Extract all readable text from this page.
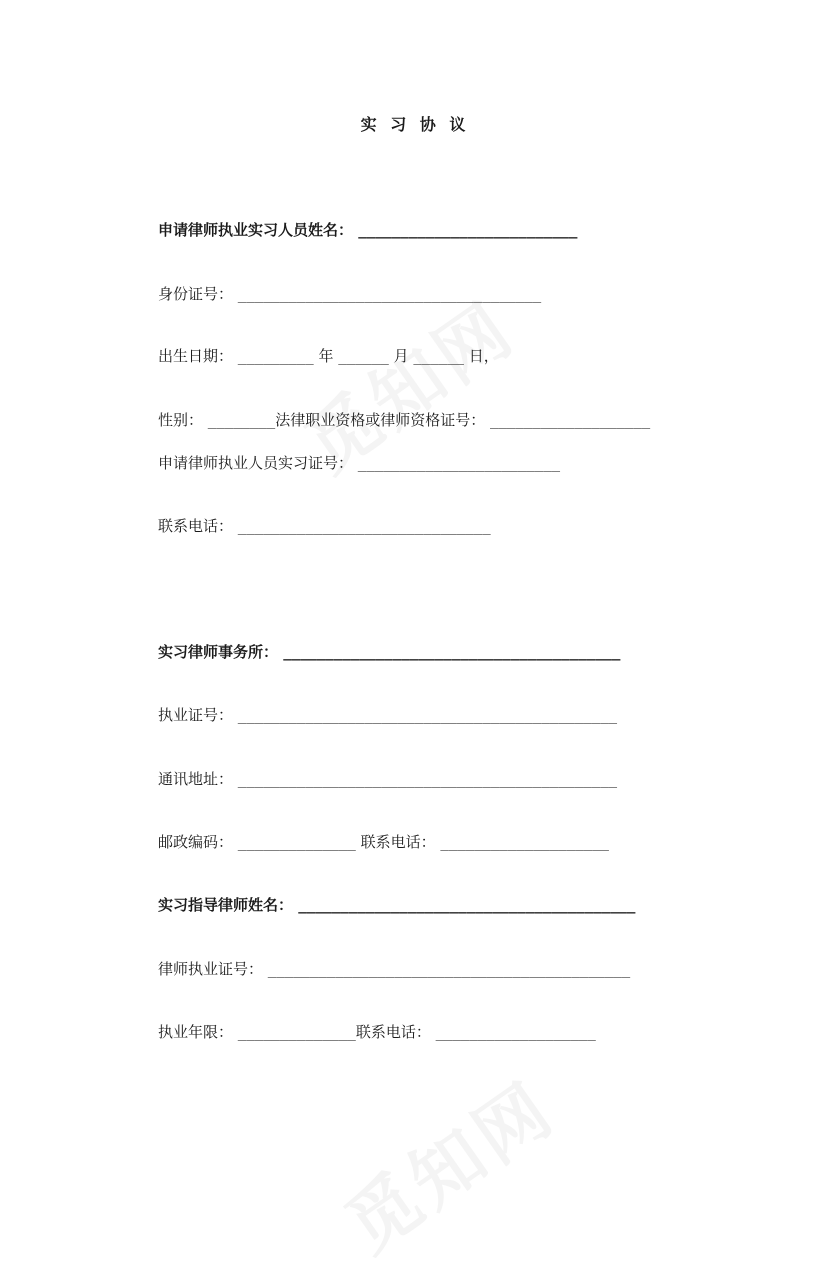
实 习 协 议
申请律师执业实习人员姓名： __________________________
身份证号： ____________________________________
出生日期： _________ 年 ______ 月 ______ 日，
性别： ________法律职业资格或律师资格证号： ___________________
申请律师执业人员实习证号： ________________________
联系电话： ______________________________
实习律师事务所： ________________________________________
执业证号： _____________________________________________
通讯地址： _____________________________________________
邮政编码： ______________ 联系电话： ____________________
实习指导律师姓名： ________________________________________
律师执业证号： ___________________________________________
执业年限： ______________联系电话： ___________________
